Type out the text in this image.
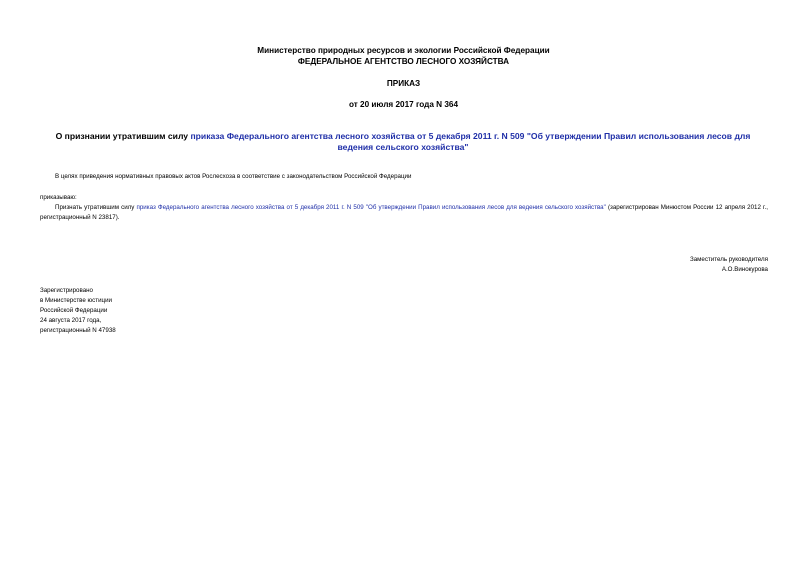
Министерство природных ресурсов и экологии Российской Федерации
ФЕДЕРАЛЬНОЕ АГЕНТСТВО ЛЕСНОГО ХОЗЯЙСТВА
ПРИКАЗ
от 20 июля 2017 года N 364
О признании утратившим силу приказа Федерального агентства лесного хозяйства от 5 декабря 2011 г. N 509 "Об утверждении Правил использования лесов для ведения сельского хозяйства"
В целях приведения нормативных правовых актов Рослесхоза в соответствие с законодательством Российской Федерации
приказываю:
Признать утратившим силу приказ Федерального агентства лесного хозяйства от 5 декабря 2011 г. N 509 "Об утверждении Правил использования лесов для ведения сельского хозяйства" (зарегистрирован Минюстом России 12 апреля 2012 г., регистрационный N 23817).
Заместитель руководителя
А.О.Винокурова
Зарегистрировано
в Министерстве юстиции
Российской Федерации
24 августа 2017 года,
регистрационный N 47938
